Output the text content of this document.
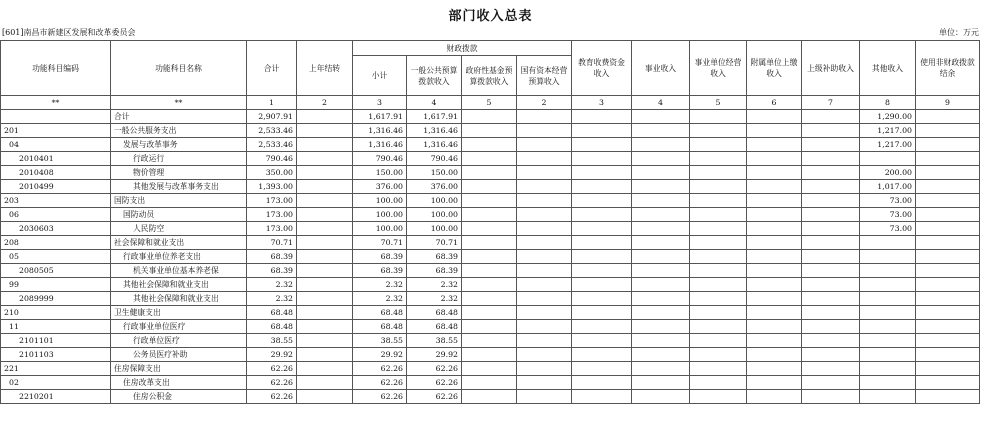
部门收入总表
[601]南昌市新建区发展和改革委员会	单位：万元
功能科目编码	功能科目名称	合计	上年结转	财政拨款				教育收费资金收入	事业收入	事业单位经营收入	附属单位上缴收入	上级补助收入	其他收入	使用非财政拨款结余
				小计	一般公共预算拨款收入	政府性基金预算拨款收入	国有资本经营预算收入							
**	**	1	2	3	4	5	2	3	4	5	6	7	8	9
	合计	2,907.91		1,617.91	1,617.91								1,290.00	
201	一般公共服务支出	2,533.46		1,316.46	1,316.46								1,217.00	
04	发展与改革事务	2,533.46		1,316.46	1,316.46								1,217.00	
2010401	行政运行	790.46		790.46	790.46									
2010408	物价管理	350.00		150.00	150.00								200.00	
2010499	其他发展与改革事务支出	1,393.00		376.00	376.00								1,017.00	
203	国防支出	173.00		100.00	100.00								73.00	
06	国防动员	173.00		100.00	100.00								73.00	
2030603	人民防空	173.00		100.00	100.00								73.00	
208	社会保障和就业支出	70.71		70.71	70.71									
05	行政事业单位养老支出	68.39		68.39	68.39									
2080505	机关事业单位基本养老保	68.39		68.39	68.39									
99	其他社会保障和就业支出	2.32		2.32	2.32									
2089999	其他社会保障和就业支出	2.32		2.32	2.32									
210	卫生健康支出	68.48		68.48	68.48									
11	行政事业单位医疗	68.48		68.48	68.48									
2101101	行政单位医疗	38.55		38.55	38.55									
2101103	公务员医疗补助	29.92		29.92	29.92									
221	住房保障支出	62.26		62.26	62.26									
02	住房改革支出	62.26		62.26	62.26									
2210201	住房公积金	62.26		62.26	62.26									
